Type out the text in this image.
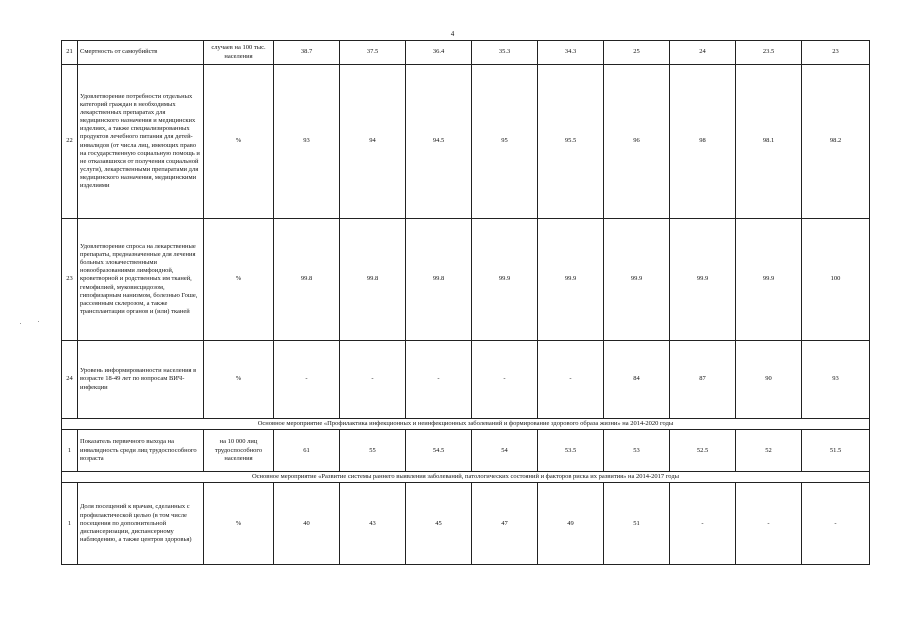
4
21	Смертность от самоубийств	случаев на 100 тыс. населения	38.7	37.5	36.4	35.3	34.3	25	24	23.5	23
22	Удовлетворение потребности отдельных категорий граждан в необходимых лекарственных препаратах для медицинского назначения и медицинских изделиях, а также специализированных продуктов лечебного питания для детей-инвалидов (от числа лиц, имеющих право на государственную социальную помощь и не отказавшихся от получения социальной услуги), лекарственными препаратами для медицинского назначения, медицинскими изделиями	%	93	94	94.5	95	95.5	96	98	98.1	98.2
23	Удовлетворение спроса на лекарственные препараты, предназначенные для лечения больных злокачественными новообразованиями лимфоидной, кроветворной и родственных им тканей, гемофилией, муковисцидозом, гипофизарным нанизмом, болезнью Гоше, рассеянным склерозом, а также трансплантации органов и (или) тканей	%	99.8	99.8	99.8	99.9	99.9	99.9	99.9	99.9	100
24	Уровень информированности населения в возрасте 18-49 лет по вопросам ВИЧ-инфекции	%	-	-	-	-	-	84	87	90	93
Основное мероприятие «Профилактика инфекционных и неинфекционных заболеваний и формирование здорового образа жизни» на 2014-2020 годы											
1	Показатель первичного выхода на инвалидность среди лиц трудоспособного возраста	на 10 000 лиц трудоспособного населения	61	55	54.5	54	53.5	53	52.5	52	51.5
Основное мероприятие «Развитие системы раннего выявления заболеваний, патологических состояний и факторов риска их развития» на 2014-2017 годы											
1	Доля посещений к врачам, сделанных с профилактической целью (в том числе посещения по дополнительной диспансеризации, диспансерному наблюдению, а также центров здоровья)	%	40	43	45	47	49	51	-	-	-
